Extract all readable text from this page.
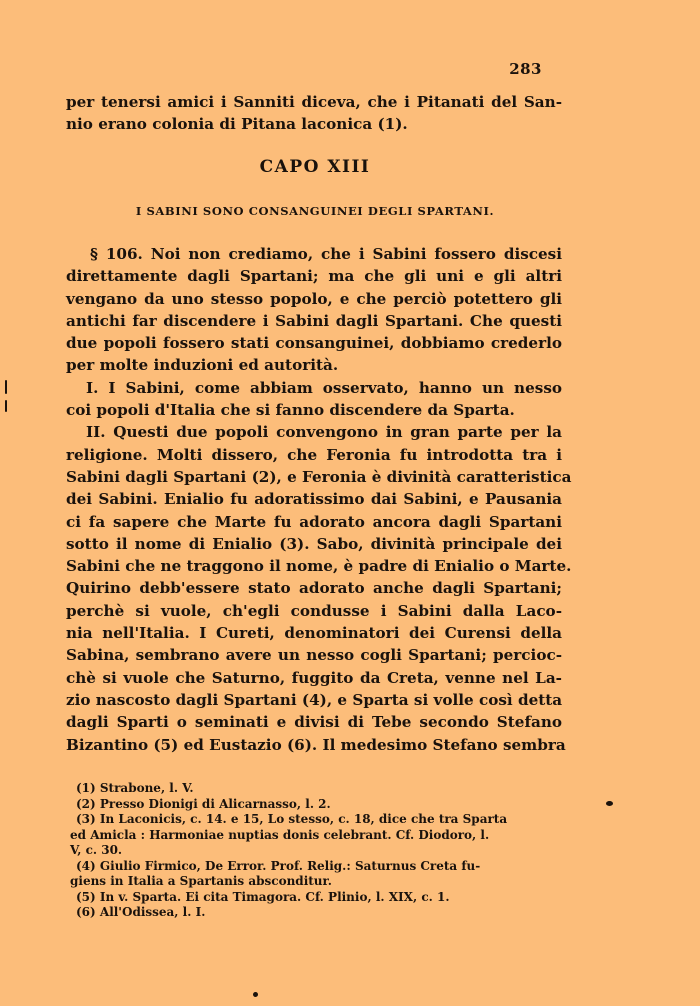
283
per tenersi amici i Sanniti diceva, che i Pitanati del San-
nio erano colonia di Pitana laconica (1).
CAPO XIII
I SABINI SONO CONSANGUINEI DEGLI SPARTANI.
§ 106. Noi non crediamo, che i Sabini fossero discesi
direttamente dagli Spartani; ma che gli uni e gli altri
vengano da uno stesso popolo, e che perciò potettero gli
antichi far discendere i Sabini dagli Spartani. Che questi
due popoli fossero stati consanguinei, dobbiamo crederlo
per molte induzioni ed autorità.
I. I Sabini, come abbiam osservato, hanno un nesso
coi popoli d'Italia che si fanno discendere da Sparta.
II. Questi due popoli convengono in gran parte per la
religione. Molti dissero, che Feronia fu introdotta tra i
Sabini dagli Spartani (2), e Feronia è divinità caratteristica
dei Sabini. Enialio fu adoratissimo dai Sabini, e Pausania
ci fa sapere che Marte fu adorato ancora dagli Spartani
sotto il nome di Enialio (3). Sabo, divinità principale dei
Sabini che ne traggono il nome, è padre di Enialio o Marte.
Quirino debb'essere stato adorato anche dagli Spartani;
perchè si vuole, ch'egli condusse i Sabini dalla Laco-
nia nell'Italia. I Cureti, denominatori dei Curensi della
Sabina, sembrano avere un nesso cogli Spartani; percioc-
chè si vuole che Saturno, fuggito da Creta, venne nel La-
zio nascosto dagli Spartani (4), e Sparta si volle così detta
dagli Sparti o seminati e divisi di Tebe secondo Stefano
Bizantino (5) ed Eustazio (6). Il medesimo Stefano sembra
(1) Strabone, l. V.
(2) Presso Dionigi di Alicarnasso, l. 2.
(3) In Laconicis, c. 14. e 15, Lo stesso, c. 18, dice che tra Sparta
ed Amicla : Harmoniae nuptias donis celebrant. Cf. Diodoro, l.
V, c. 30.
(4) Giulio Firmico, De Error. Prof. Relig.: Saturnus Creta fu-
giens in Italia a Spartanis absconditur.
(5) In v. Sparta. Ei cita Timagora. Cf. Plinio, l. XIX, c. 1.
(6) All'Odissea, l. I.
